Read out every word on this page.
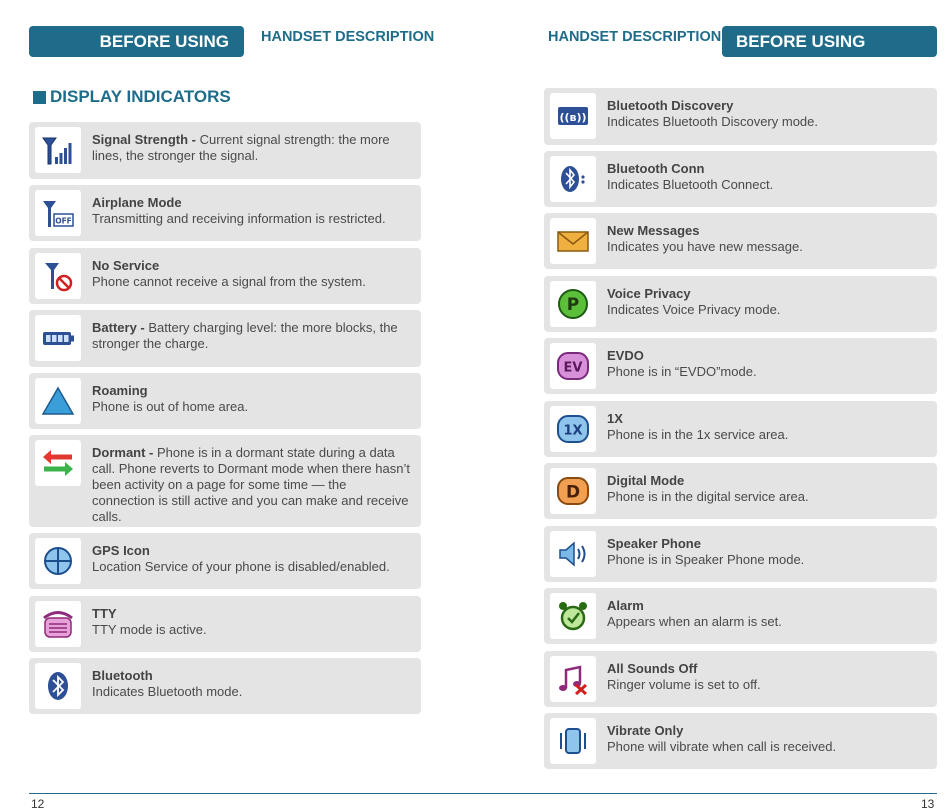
BEFORE USING	HANDSET DESCRIPTION	HANDSET DESCRIPTION BEFORE USING
DISPLAY INDICATORS
Signal Strength - Current signal strength: the more lines, the stronger the signal.
OFF
Airplane Mode
Transmitting and receiving information is restricted.
No Service
Phone cannot receive a signal from the system.
Battery - Battery charging level: the more blocks, the stronger the charge.
Roaming
Phone is out of home area.
Dormant - Phone is in a dormant state during a data call. Phone reverts to Dormant mode when there hasn’t been activity on a page for some time — the connection is still active and you can make and receive calls.
GPS Icon
Location Service of your phone is disabled/enabled.
TTY
TTY mode is active.
Bluetooth
Indicates Bluetooth mode.
((ʙ))
Bluetooth Discovery
Indicates Bluetooth Discovery mode.
Bluetooth Conn
Indicates Bluetooth Connect.
New Messages
Indicates you have new message.
P
Voice Privacy
Indicates Voice Privacy mode.
EV
EVDO
Phone is in “EVDO”mode.
1X
1X
Phone is in the 1x service area.
D
Digital Mode
Phone is in the digital service area.
Speaker Phone
Phone is in Speaker Phone mode.
Alarm
Appears when an alarm is set.
All Sounds Off
Ringer volume is set to off.
Vibrate Only
Phone will vibrate when call is received.
12	13
